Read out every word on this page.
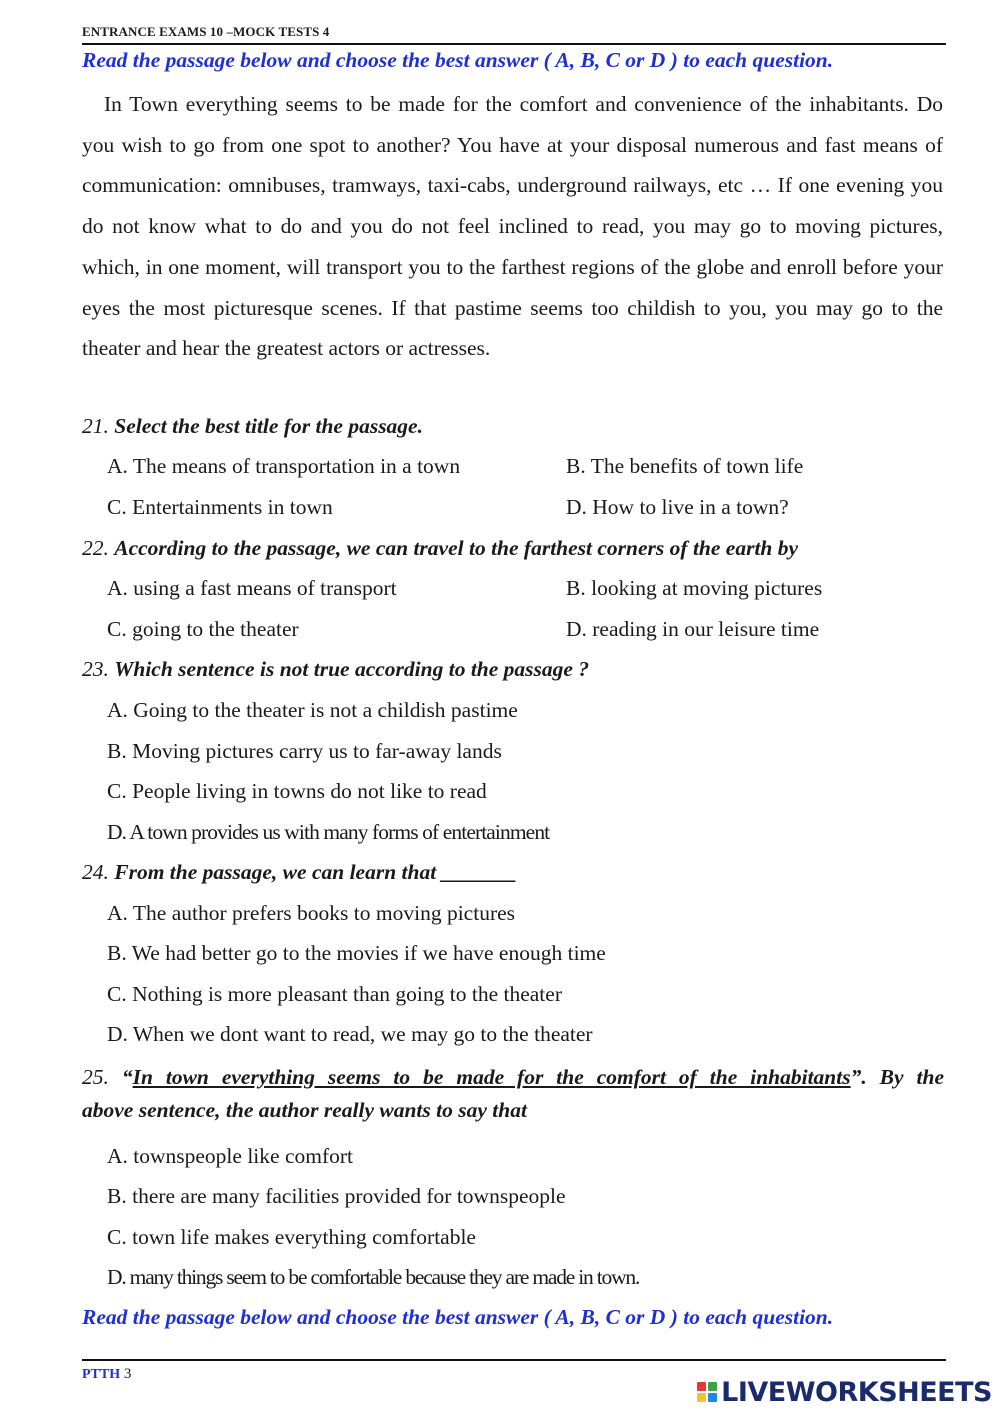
ENTRANCE EXAMS 10 –MOCK TESTS 4
Read the passage below and choose the best answer ( A, B, C or D ) to each question.

In Town everything seems to be made for the comfort and convenience of the inhabitants. Do you wish to go from one spot to another? You have at your disposal numerous and fast means of communication: omnibuses, tramways, taxi-cabs, underground railways, etc … If one evening you do not know what to do and you do not feel inclined to read, you may go to moving pictures, which, in one moment, will transport you to the farthest regions of the globe and enroll before your eyes the most picturesque scenes. If that pastime seems too childish to you, you may go to the theater and hear the greatest actors or actresses.

21. Select the best title for the passage.
A. The means of transportation in a town	B. The benefits of town life
C. Entertainments in town	D. How to live in a town?
22. According to the passage, we can travel to the farthest corners of the earth by
A. using a fast means of transport	B. looking at moving pictures
C. going to the theater	D. reading in our leisure time
23. Which sentence is not true according to the passage ?
A. Going to the theater is not a childish pastime
B. Moving pictures carry us to far-away lands
C. People living in towns do not like to read
D. A town provides us with many forms of entertainment
24. From the passage, we can learn that _______
A. The author prefers books to moving pictures
B. We had better go to the movies if we have enough time
C. Nothing is more pleasant than going to the theater
D. When we dont want to read, we may go to the theater
25. “In town everything seems to be made for the comfort of the inhabitants”. By the
above sentence, the author really wants to say that
A. townspeople like comfort
B. there are many facilities provided for townspeople
C. town life makes everything comfortable
D. many things seem to be comfortable because they are made in town.
Read the passage below and choose the best answer ( A, B, C or D ) to each question.
PTTH 3
LIVEWORKSHEETS
